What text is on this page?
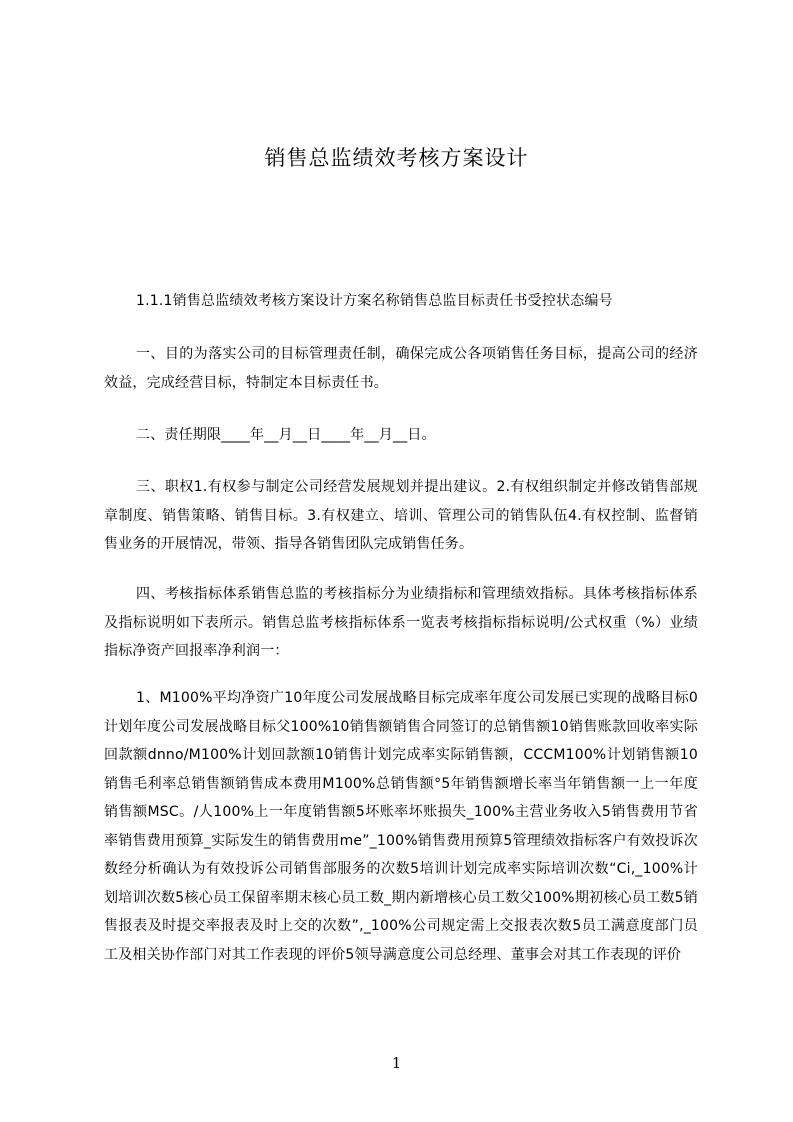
销售总监绩效考核方案设计

1.1.1销售总监绩效考核方案设计方案名称销售总监目标责任书受控状态编号

一、目的为落实公司的目标管理责任制，确保完成公各项销售任务目标，提高公司的经济效益，完成经营目标，特制定本目标责任书。

二、责任期限____年__月__日____年__月__日。

三、职权1.有权参与制定公司经营发展规划并提出建议。2.有权组织制定并修改销售部规章制度、销售策略、销售目标。3.有权建立、培训、管理公司的销售队伍4.有权控制、监督销售业务的开展情况，带领、指导各销售团队完成销售任务。

四、考核指标体系销售总监的考核指标分为业绩指标和管理绩效指标。具体考核指标体系及指标说明如下表所示。销售总监考核指标体系一览表考核指标指标说明/公式权重（%）业绩指标净资产回报率净利润一：

1、M100%平均净资广10年度公司发展战略目标完成率年度公司发展已实现的战略目标0计划年度公司发展战略目标父100%10销售额销售合同签订的总销售额10销售账款回收率实际回款额dnno/M100%计划回款额10销售计划完成率实际销售额，CCCM100%计划销售额10销售毛利率总销售额销售成本费用M100%总销售额°5年销售额增长率当年销售额一上一年度销售额MSC。/人100%上一年度销售额5坏账率坏账损失_100%主营业务收入5销售费用节省率销售费用预算_实际发生的销售费用me”_100%销售费用预算5管理绩效指标客户有效投诉次数经分析确认为有效投诉公司销售部服务的次数5培训计划完成率实际培训次数“Ci,_100%计划培训次数5核心员工保留率期末核心员工数_期内新增核心员工数父100%期初核心员工数5销售报表及时提交率报表及时上交的次数”,_100%公司规定需上交报表次数5员工满意度部门员工及相关协作部门对其工作表现的评价5领导满意度公司总经理、董事会对其工作表现的评价

1
